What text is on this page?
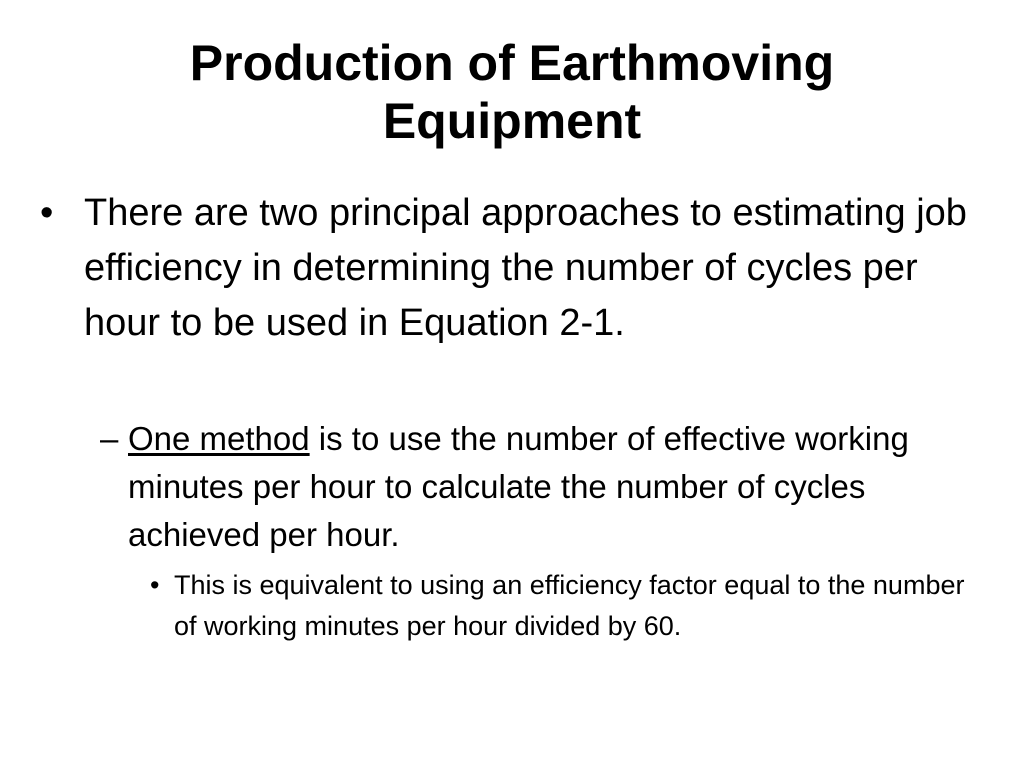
Production of Earthmoving
Equipment
• There are two principal approaches to estimating job efficiency in determining the number of cycles per hour to be used in Equation 2-1.
– One method is to use the number of effective working minutes per hour to calculate the number of cycles achieved per hour.
• This is equivalent to using an efficiency factor equal to the number of working minutes per hour divided by 60.
